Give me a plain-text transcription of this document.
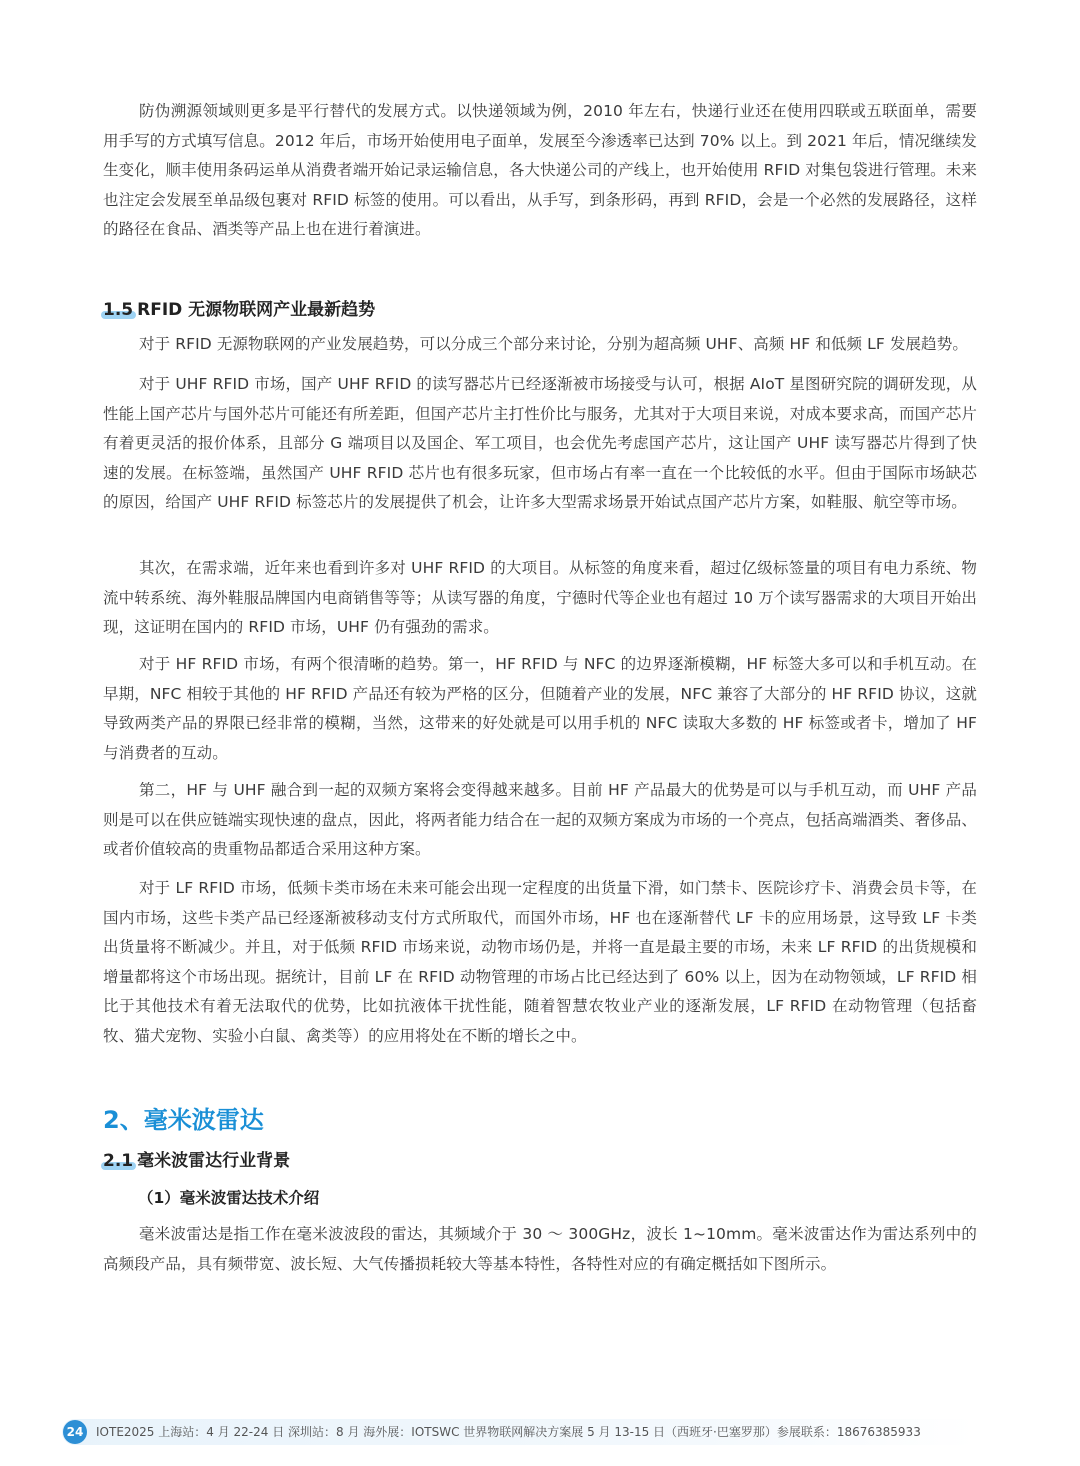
防伪溯源领域则更多是平行替代的发展方式。以快递领域为例，2010 年左右，快递行业还在使用四联或五联面单，需要用手写的方式填写信息。2012 年后，市场开始使用电子面单，发展至今渗透率已达到 70% 以上。到 2021 年后，情况继续发生变化，顺丰使用条码运单从消费者端开始记录运输信息，各大快递公司的产线上，也开始使用 RFID 对集包袋进行管理。未来也注定会发展至单品级包裹对 RFID 标签的使用。可以看出，从手写，到条形码，再到 RFID，会是一个必然的发展路径，这样的路径在食品、酒类等产品上也在进行着演进。

1.5 RFID 无源物联网产业最新趋势

对于 RFID 无源物联网的产业发展趋势，可以分成三个部分来讨论，分别为超高频 UHF、高频 HF 和低频 LF 发展趋势。

对于 UHF RFID 市场，国产 UHF RFID 的读写器芯片已经逐渐被市场接受与认可，根据 AIoT 星图研究院的调研发现，从性能上国产芯片与国外芯片可能还有所差距，但国产芯片主打性价比与服务，尤其对于大项目来说，对成本要求高，而国产芯片有着更灵活的报价体系，且部分 G 端项目以及国企、军工项目，也会优先考虑国产芯片，这让国产 UHF 读写器芯片得到了快速的发展。在标签端，虽然国产 UHF RFID 芯片也有很多玩家，但市场占有率一直在一个比较低的水平。但由于国际市场缺芯的原因，给国产 UHF RFID 标签芯片的发展提供了机会，让许多大型需求场景开始试点国产芯片方案，如鞋服、航空等市场。

其次，在需求端，近年来也看到许多对 UHF RFID 的大项目。从标签的角度来看，超过亿级标签量的项目有电力系统、物流中转系统、海外鞋服品牌国内电商销售等等；从读写器的角度，宁德时代等企业也有超过 10 万个读写器需求的大项目开始出现，这证明在国内的 RFID 市场，UHF 仍有强劲的需求。

对于 HF RFID 市场，有两个很清晰的趋势。第一，HF RFID 与 NFC 的边界逐渐模糊，HF 标签大多可以和手机互动。在早期，NFC 相较于其他的 HF RFID 产品还有较为严格的区分，但随着产业的发展，NFC 兼容了大部分的 HF RFID 协议，这就导致两类产品的界限已经非常的模糊，当然，这带来的好处就是可以用手机的 NFC 读取大多数的 HF 标签或者卡，增加了 HF 与消费者的互动。

第二，HF 与 UHF 融合到一起的双频方案将会变得越来越多。目前 HF 产品最大的优势是可以与手机互动，而 UHF 产品则是可以在供应链端实现快速的盘点，因此，将两者能力结合在一起的双频方案成为市场的一个亮点，包括高端酒类、奢侈品、或者价值较高的贵重物品都适合采用这种方案。

对于 LF RFID 市场，低频卡类市场在未来可能会出现一定程度的出货量下滑，如门禁卡、医院诊疗卡、消费会员卡等，在国内市场，这些卡类产品已经逐渐被移动支付方式所取代，而国外市场，HF 也在逐渐替代 LF 卡的应用场景，这导致 LF 卡类出货量将不断减少。并且，对于低频 RFID 市场来说，动物市场仍是，并将一直是最主要的市场，未来 LF RFID 的出货规模和增量都将这个市场出现。据统计，目前 LF 在 RFID 动物管理的市场占比已经达到了 60% 以上，因为在动物领域，LF RFID 相比于其他技术有着无法取代的优势，比如抗液体干扰性能，随着智慧农牧业产业的逐渐发展，LF RFID 在动物管理（包括畜牧、猫犬宠物、实验小白鼠、禽类等）的应用将处在不断的增长之中。

2、毫米波雷达
2.1 毫米波雷达行业背景
（1）毫米波雷达技术介绍

毫米波雷达是指工作在毫米波波段的雷达，其频域介于 30 ～ 300GHz，波长 1~10mm。毫米波雷达作为雷达系列中的高频段产品，具有频带宽、波长短、大气传播损耗较大等基本特性，各特性对应的有确定概括如下图所示。

24	IOTE2025 上海站：4 月 22-24 日 深圳站：8 月 海外展：IOTSWC 世界物联网解决方案展 5 月 13-15 日（西班牙·巴塞罗那）参展联系：18676385933
